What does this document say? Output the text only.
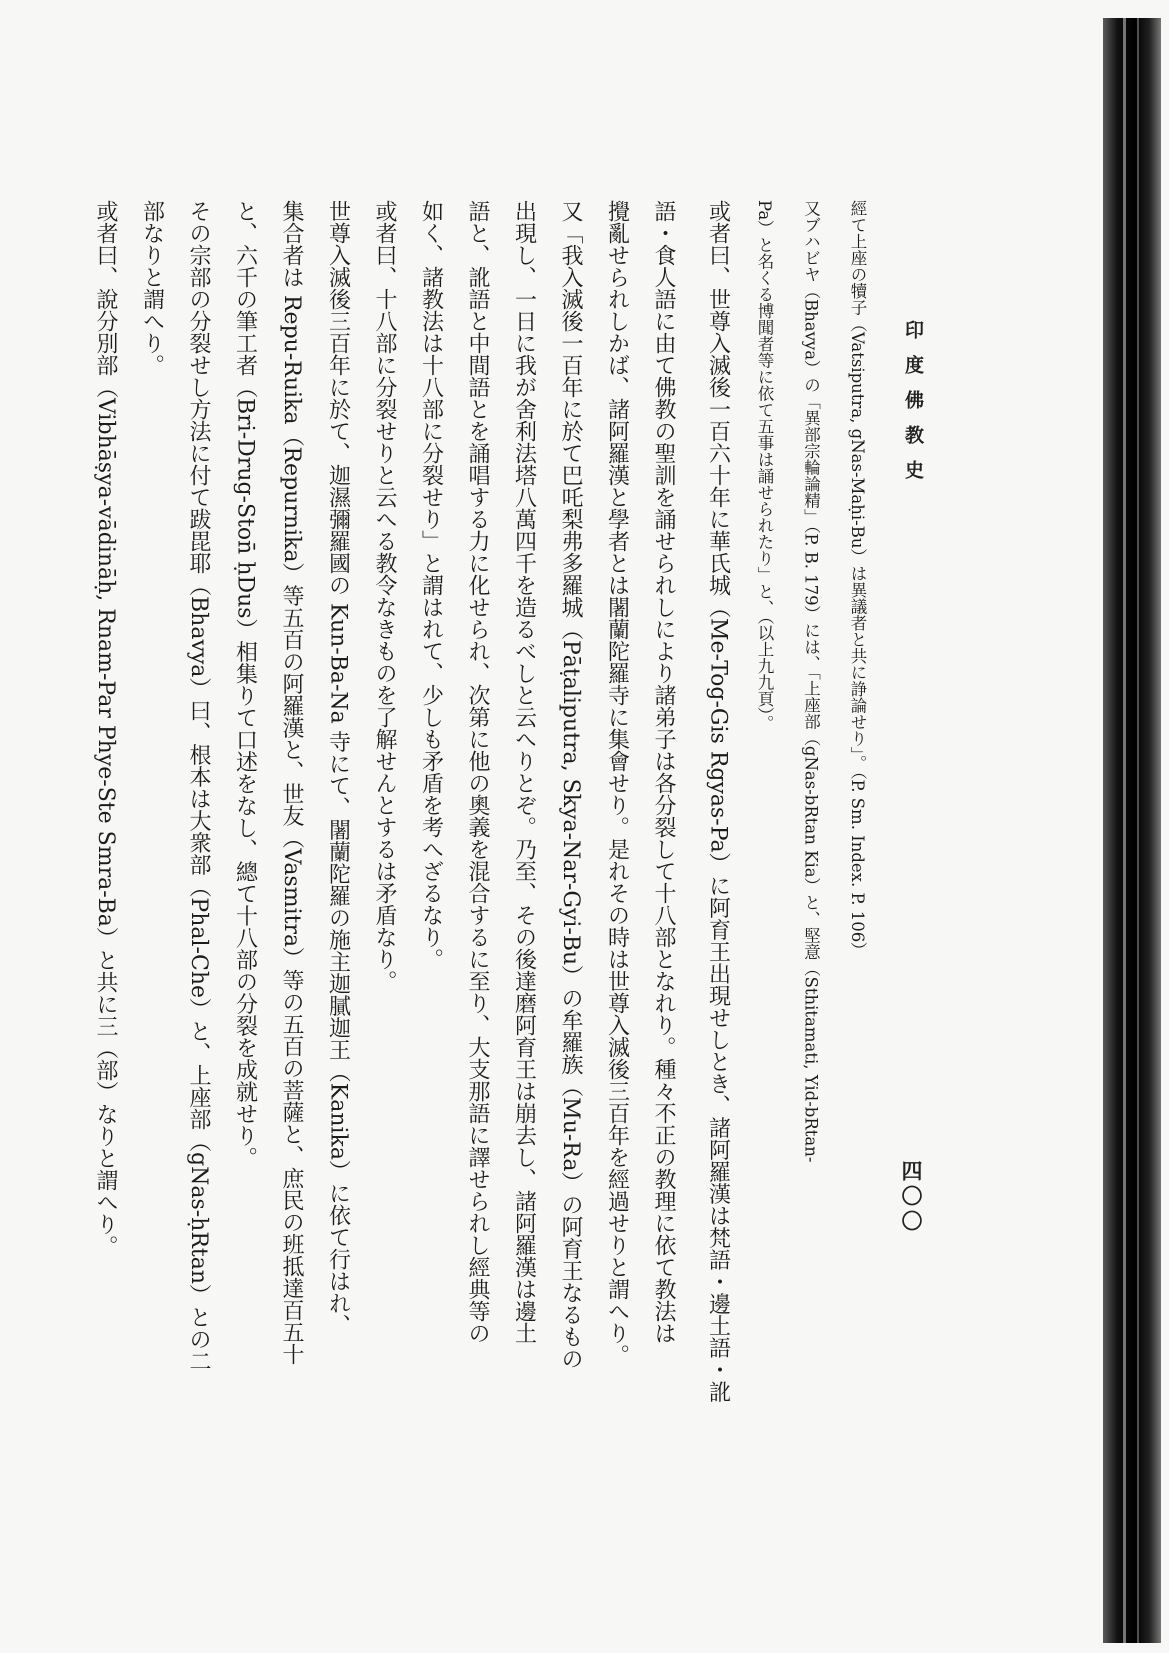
印度佛教史
四〇〇
經て上座の犢子（Vatsiputra, gNas-Maḥi-Bu）は異議者と共に諍論せり」。（P. Sm. Index. P. 106）
又ブハビヤ（Bhavya）の「異部宗輪論精」（P. B. 179）には、「上座部（gNas-bRtan Kia）と、堅意（Sthitamati, Yid-bRtan-
Pa）と名くる博聞者等に依て五事は誦せられたり」と、（以上九九頁）。
或者曰、世尊入滅後一百六十年に華氏城（Me-Tog-Gis Rgyas-Pa）に阿育王出現せしとき、諸阿羅漢は梵語・邊土語・訛
語・食人語に由て佛教の聖訓を誦せられしにより諸弟子は各分裂して十八部となれり。種々不正の教理に依て教法は
攪亂せられしかば、諸阿羅漢と學者とは闍蘭陀羅寺に集會せり。是れその時は世尊入滅後三百年を經過せりと謂へり。
又「我入滅後一百年に於て巴吒梨弗多羅城（Pāṭaliputra, Skya-Nar-Gyi-Bu）の牟羅族（Mu-Ra）の阿育王なるもの
出現し、一日に我が舍利法塔八萬四千を造るべしと云へりとぞ。乃至、その後達磨阿育王は崩去し、諸阿羅漢は邊土
語と、訛語と中間語とを誦唱する力に化せられ、次第に他の奧義を混合するに至り、大支那語に譯せられし經典等の
如く、諸教法は十八部に分裂せり」と謂はれて、少しも矛盾を考へざるなり。
或者曰、十八部に分裂せりと云へる教令なきものを了解せんとするは矛盾なり。
世尊入滅後三百年に於て、迦濕彌羅國の Kun-Ba-Na 寺にて、闍蘭陀羅の施主迦膩迦王（Kanika）に依て行はれ、
集合者は Repu-Ruika（Repurnika）等五百の阿羅漢と、世友（Vasmitra）等の五百の菩薩と、庶民の班抵達百五十
と、六千の筆工者（Bri-Drug-Ston̄ ḥDus）相集りて口述をなし、總て十八部の分裂を成就せり。
その宗部の分裂せし方法に付て跋毘耶（Bhavya）曰、根本は大衆部（Phal-Che）と、上座部（gNas-ḥRtan）との二
部なりと謂へり。
或者曰、說分別部（Vibhāṣya-vādināḥ, Rnam-Par Phye-Ste Smra-Ba）と共に三（部）なりと謂へり。
